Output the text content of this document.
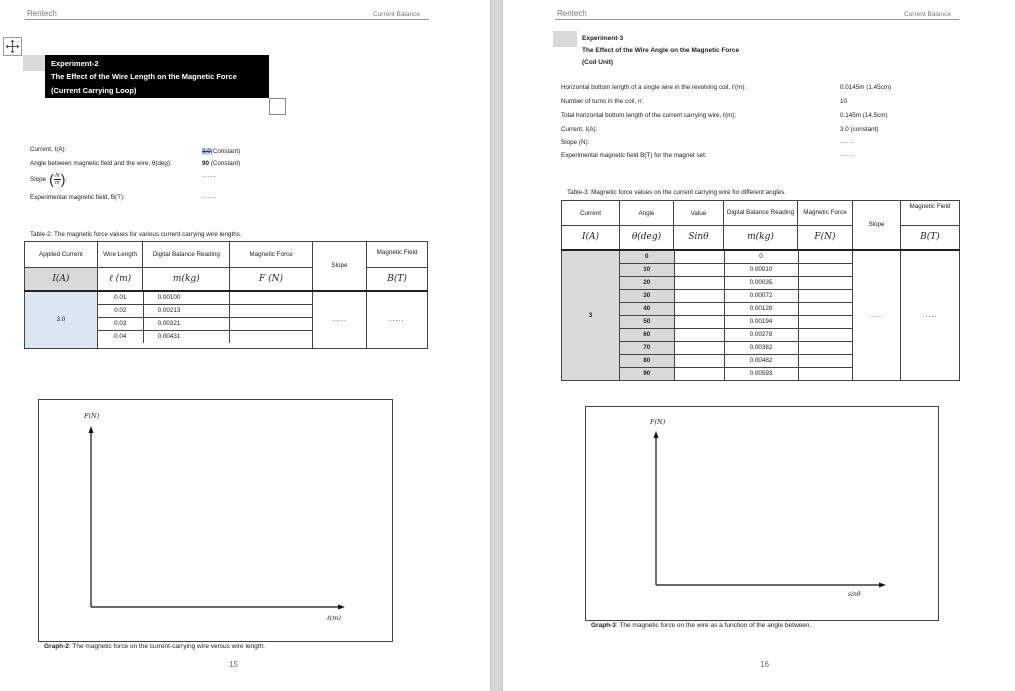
Rentech	Current Balance
Experiment-2
The Effect of the Wire Length on the Magnetic Force
(Current Carrying Loop)
Current, I(A):	3.0(Constant)
Angle between magnetic field and the wire, θ(deg):	90 (Constant)
Slope ( N
m ) :	.....
Experimental magnetic field, B(T):	.....
Table-2: The magnetic force values for various current carrying wire lengths.
Applied Current	Wire Length	Digital Balance Reading	Magnetic Force	Slope	Magnetic Field
I(A)	ℓ (m)	m(kg)	F (N)	B(T)
3.0	
0.01	0.00100	
0.02	0.00213	
0.03	0.00321	
0.04	0.00431	
	.....	.....
F(N)
ℓ(m)
Graph-2: The magnetic force on the current-carrying wire versus wire length.
15
Rentech	Current Balance
Experiment-3
The Effect of the Wire Angle on the Magnetic Force
(Coil Unit)
Horizontal bottom length of a single wire in the revolving coil, ℓ'(m):	0.0145m (1.45cm)
Number of turns in the coil, n:	10
Total horizontal bottom length of the current carrying wire, ℓ(m):	0.145m (14.5cm)
Current, I(A):	3.0 (constant)
Slope (N):	.....
Experimental magnetic field B(T) for the magnet set:	.....
Table-3: Magnetic force values on the current carrying wire for different angles.
Current	Angle	Value	Digital Balance Reading	Magnetic Force	Slope	Magnetic Field
I(A)	θ(deg)	Sinθ	m(kg)	F(N)	B(T)
3	
0		0	
10		0.00010	
20		0.00035	
30		0.00072	
40		0.00128	
50		0.00194	
60		0.00278	
70		0.00382	
80		0.00482	
90		0.00593	
	.....	.....
F(N)
sinθ
Graph-3: The magnetic force on the wire as a function of the angle between.
16
